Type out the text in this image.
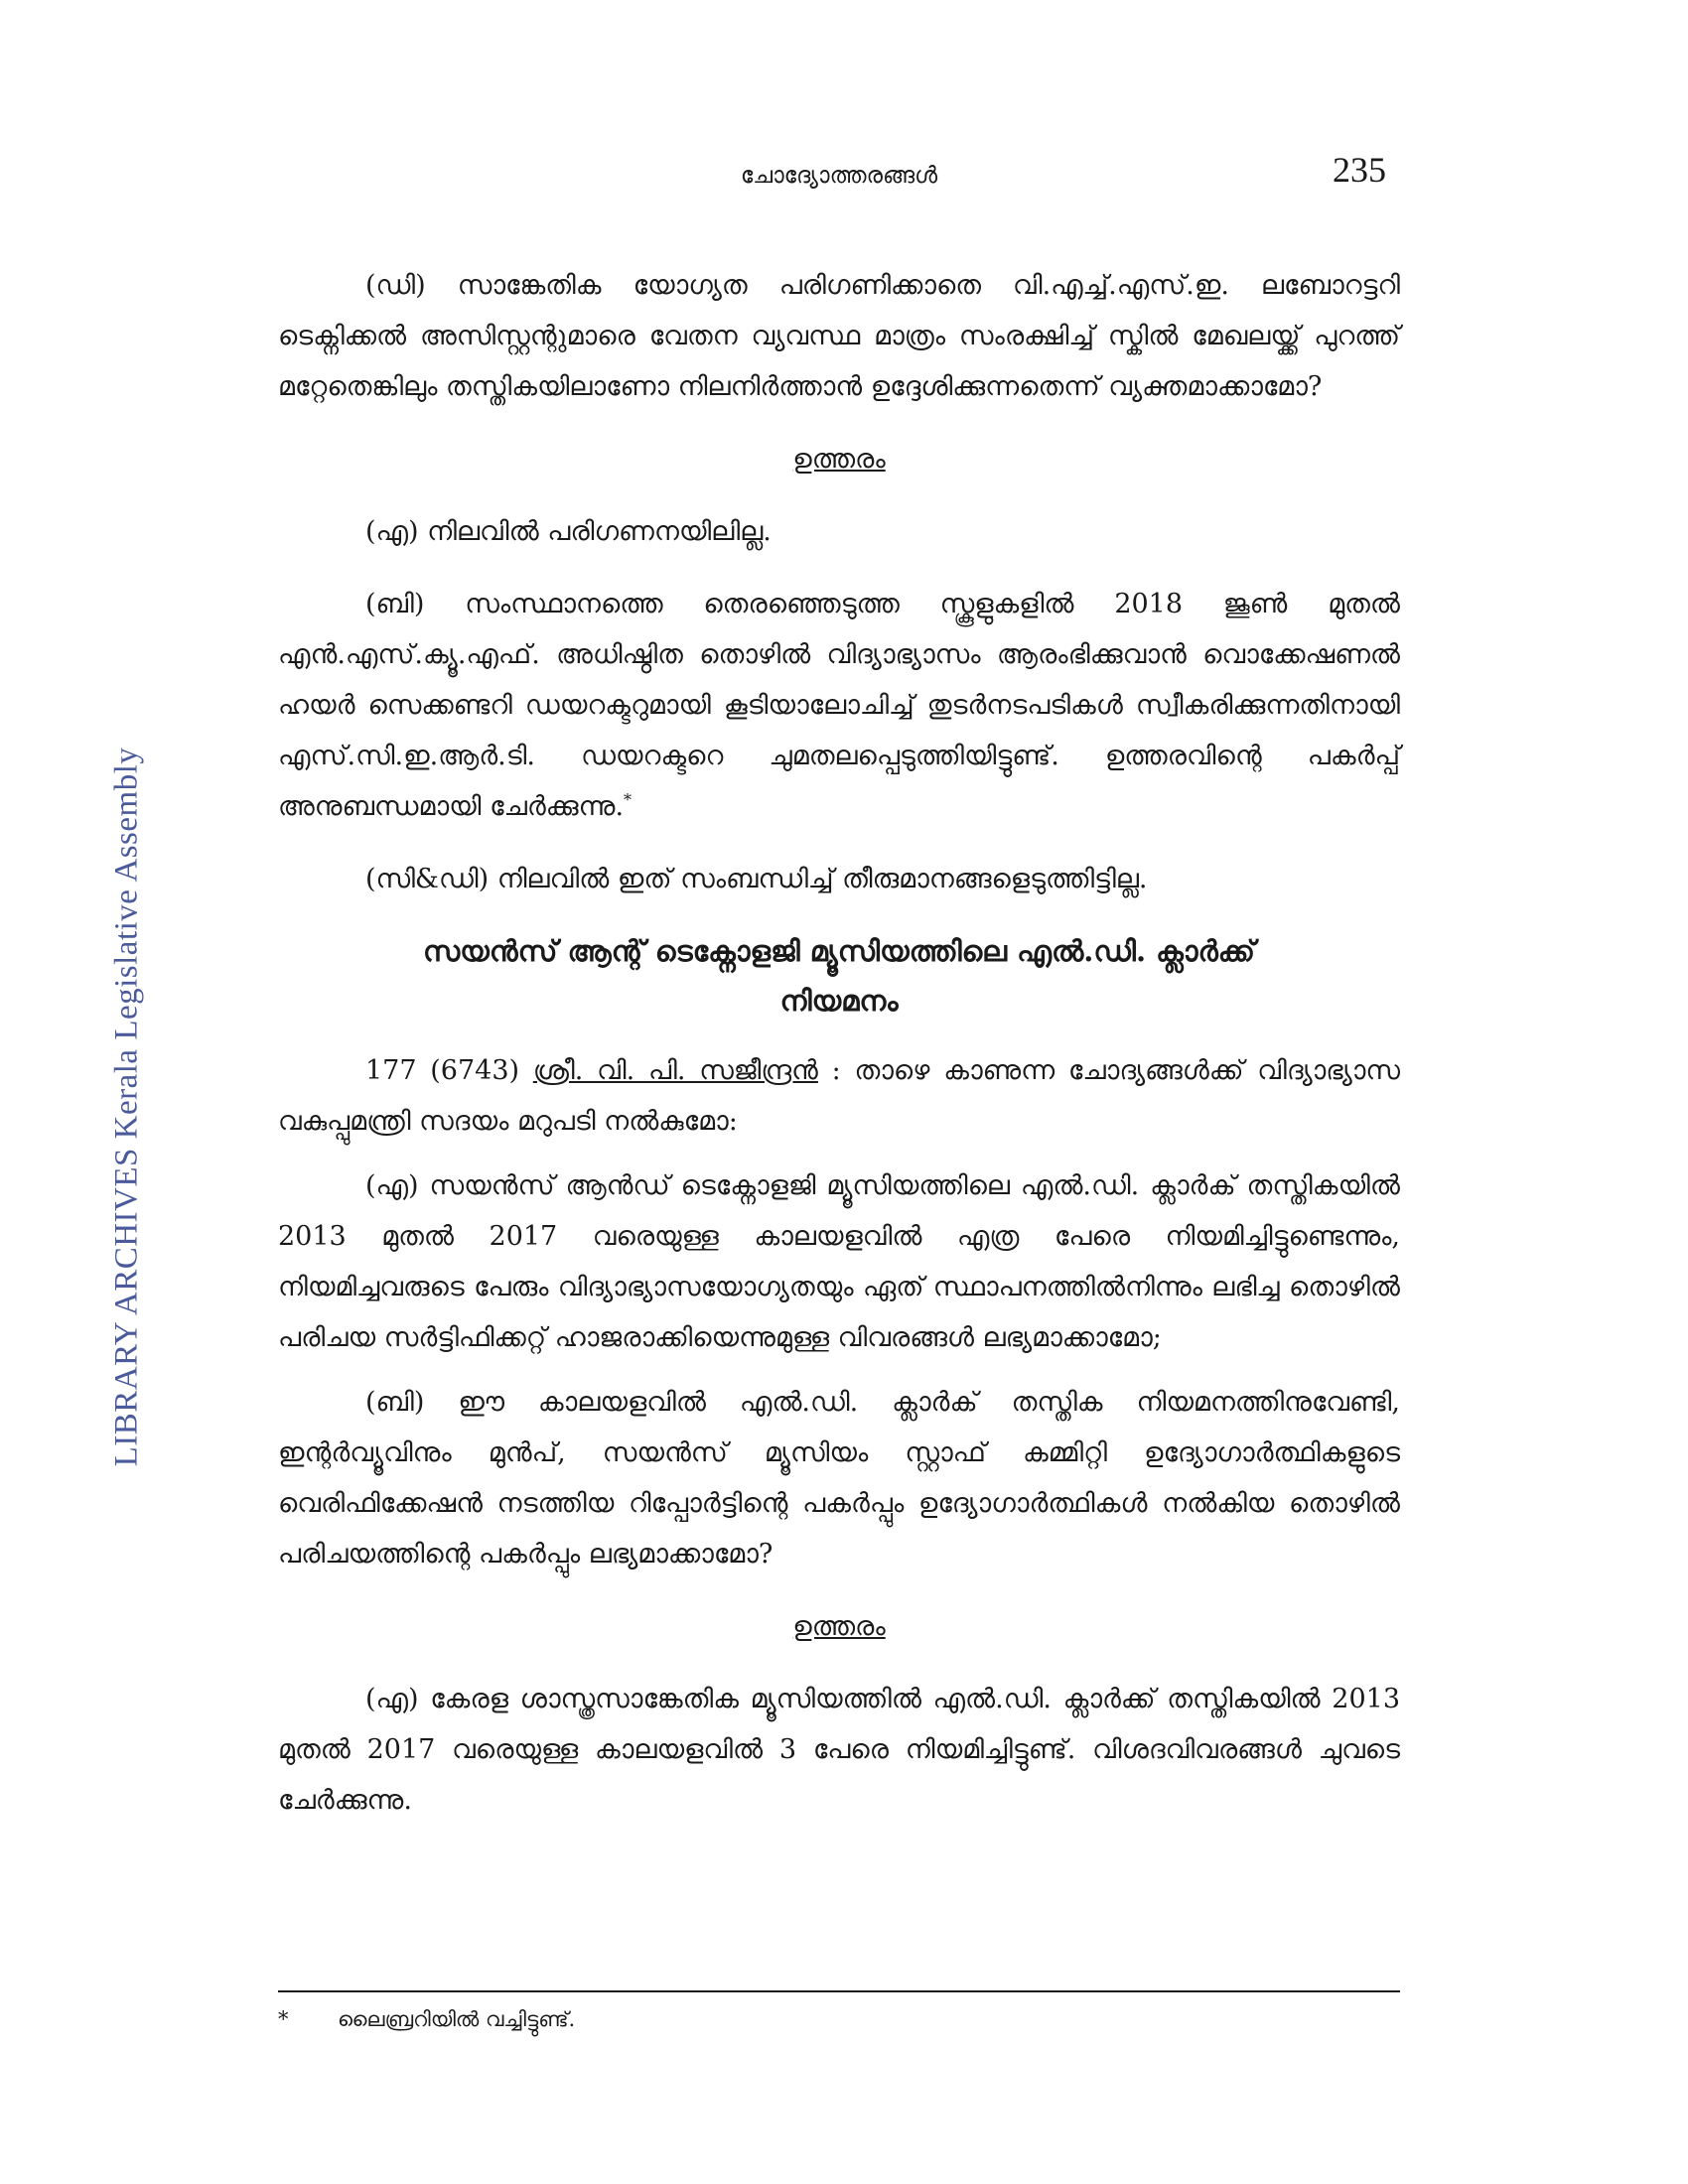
LIBRARY ARCHIVES Kerala Legislative Assembly
ചോദ്യോത്തരങ്ങൾ	235

(ഡി) സാങ്കേതിക യോഗ്യത പരിഗണിക്കാതെ വി.എച്ച്.എസ്.ഇ. ലബോറട്ടറി ടെക്നിക്കൽ അസിസ്റ്റന്റുമാരെ വേതന വ്യവസ്ഥ മാത്രം സംരക്ഷിച്ച് സ്കിൽ മേഖലയ്ക്ക് പുറത്ത് മറ്റേതെങ്കിലും തസ്തികയിലാണോ നിലനിർത്താൻ ഉദ്ദേശിക്കുന്നതെന്ന് വ്യക്തമാക്കാമോ?

ഉത്തരം

(എ) നിലവിൽ പരിഗണനയിലില്ല.

(ബി) സംസ്ഥാനത്തെ തെരഞ്ഞെടുത്ത സ്കൂളുകളിൽ 2018 ജൂൺ മുതൽ എൻ.എസ്.ക്യൂ.എഫ്. അധിഷ്ഠിത തൊഴിൽ വിദ്യാഭ്യാസം ആരംഭിക്കുവാൻ വൊക്കേഷണൽ ഹയർ സെക്കണ്ടറി ഡയറക്ടറുമായി കൂടിയാലോചിച്ച് തുടർനടപടികൾ സ്വീകരിക്കുന്നതിനായി എസ്.സി.ഇ.ആർ.ടി. ഡയറക്ടറെ ചുമതലപ്പെടുത്തിയിട്ടുണ്ട്. ഉത്തരവിന്റെ പകർപ്പ് അനുബന്ധമായി ചേർക്കുന്നു.*

(സി&ഡി) നിലവിൽ ഇത് സംബന്ധിച്ച് തീരുമാനങ്ങളെടുത്തിട്ടില്ല.

സയൻസ് ആന്റ് ടെക്നോളജി മ്യൂസിയത്തിലെ എൽ.ഡി. ക്ലാർക്ക്
നിയമനം

177 (6743) ശ്രീ. വി. പി. സജീന്ദ്രൻ : താഴെ കാണുന്ന ചോദ്യങ്ങൾക്ക് വിദ്യാഭ്യാസ വകുപ്പുമന്ത്രി സദയം മറുപടി നൽകുമോ:

(എ) സയൻസ് ആൻഡ് ടെക്നോളജി മ്യൂസിയത്തിലെ എൽ.ഡി. ക്ലാർക് തസ്തികയിൽ 2013 മുതൽ 2017 വരെയുള്ള കാലയളവിൽ എത്ര പേരെ നിയമിച്ചിട്ടുണ്ടെന്നും, നിയമിച്ചവരുടെ പേരും വിദ്യാഭ്യാസയോഗ്യതയും ഏത് സ്ഥാപനത്തിൽനിന്നും ലഭിച്ച തൊഴിൽ പരിചയ സർട്ടിഫിക്കറ്റ് ഹാജരാക്കിയെന്നുമുള്ള വിവരങ്ങൾ ലഭ്യമാക്കാമോ;

(ബി) ഈ കാലയളവിൽ എൽ.ഡി. ക്ലാർക് തസ്തിക നിയമനത്തിനുവേണ്ടി, ഇന്റർവ്യൂവിനും മുൻപ്, സയൻസ് മ്യൂസിയം സ്റ്റാഫ് കമ്മിറ്റി ഉദ്യോഗാർത്ഥികളുടെ വെരിഫിക്കേഷൻ നടത്തിയ റിപ്പോർട്ടിന്റെ പകർപ്പും ഉദ്യോഗാർത്ഥികൾ നൽകിയ തൊഴിൽ പരിചയത്തിന്റെ പകർപ്പും ലഭ്യമാക്കാമോ?

ഉത്തരം

(എ) കേരള ശാസ്ത്രസാങ്കേതിക മ്യൂസിയത്തിൽ എൽ.ഡി. ക്ലാർക്ക് തസ്തികയിൽ 2013 മുതൽ 2017 വരെയുള്ള കാലയളവിൽ 3 പേരെ നിയമിച്ചിട്ടുണ്ട്. വിശദവിവരങ്ങൾ ചുവടെ ചേർക്കുന്നു.

* ലൈബ്രറിയിൽ വച്ചിട്ടുണ്ട്.
